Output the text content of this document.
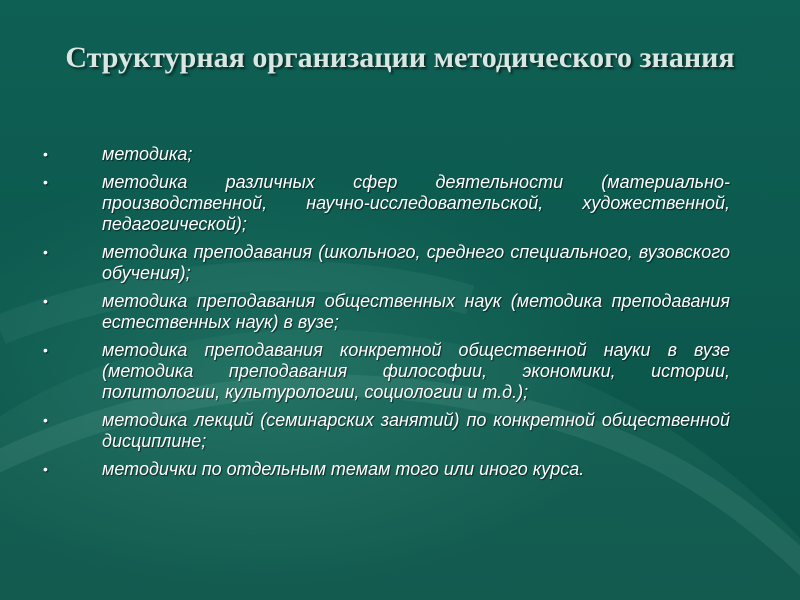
Структурная организации методического знания
•	методика;
•	методика различных сфер деятельности (материально-производственной, научно-исследовательской, художественной, педагогической);
•	методика преподавания (школьного, среднего специального, вузовского обучения);
•	методика преподавания общественных наук (методика преподавания естественных наук) в вузе;
•	методика преподавания конкретной общественной науки в вузе (методика преподавания философии, экономики, истории, политологии, культурологии, социологии и т.д.);
•	методика лекций (семинарских занятий) по конкретной общественной дисциплине;
•	методички по отдельным темам того или иного курса.
